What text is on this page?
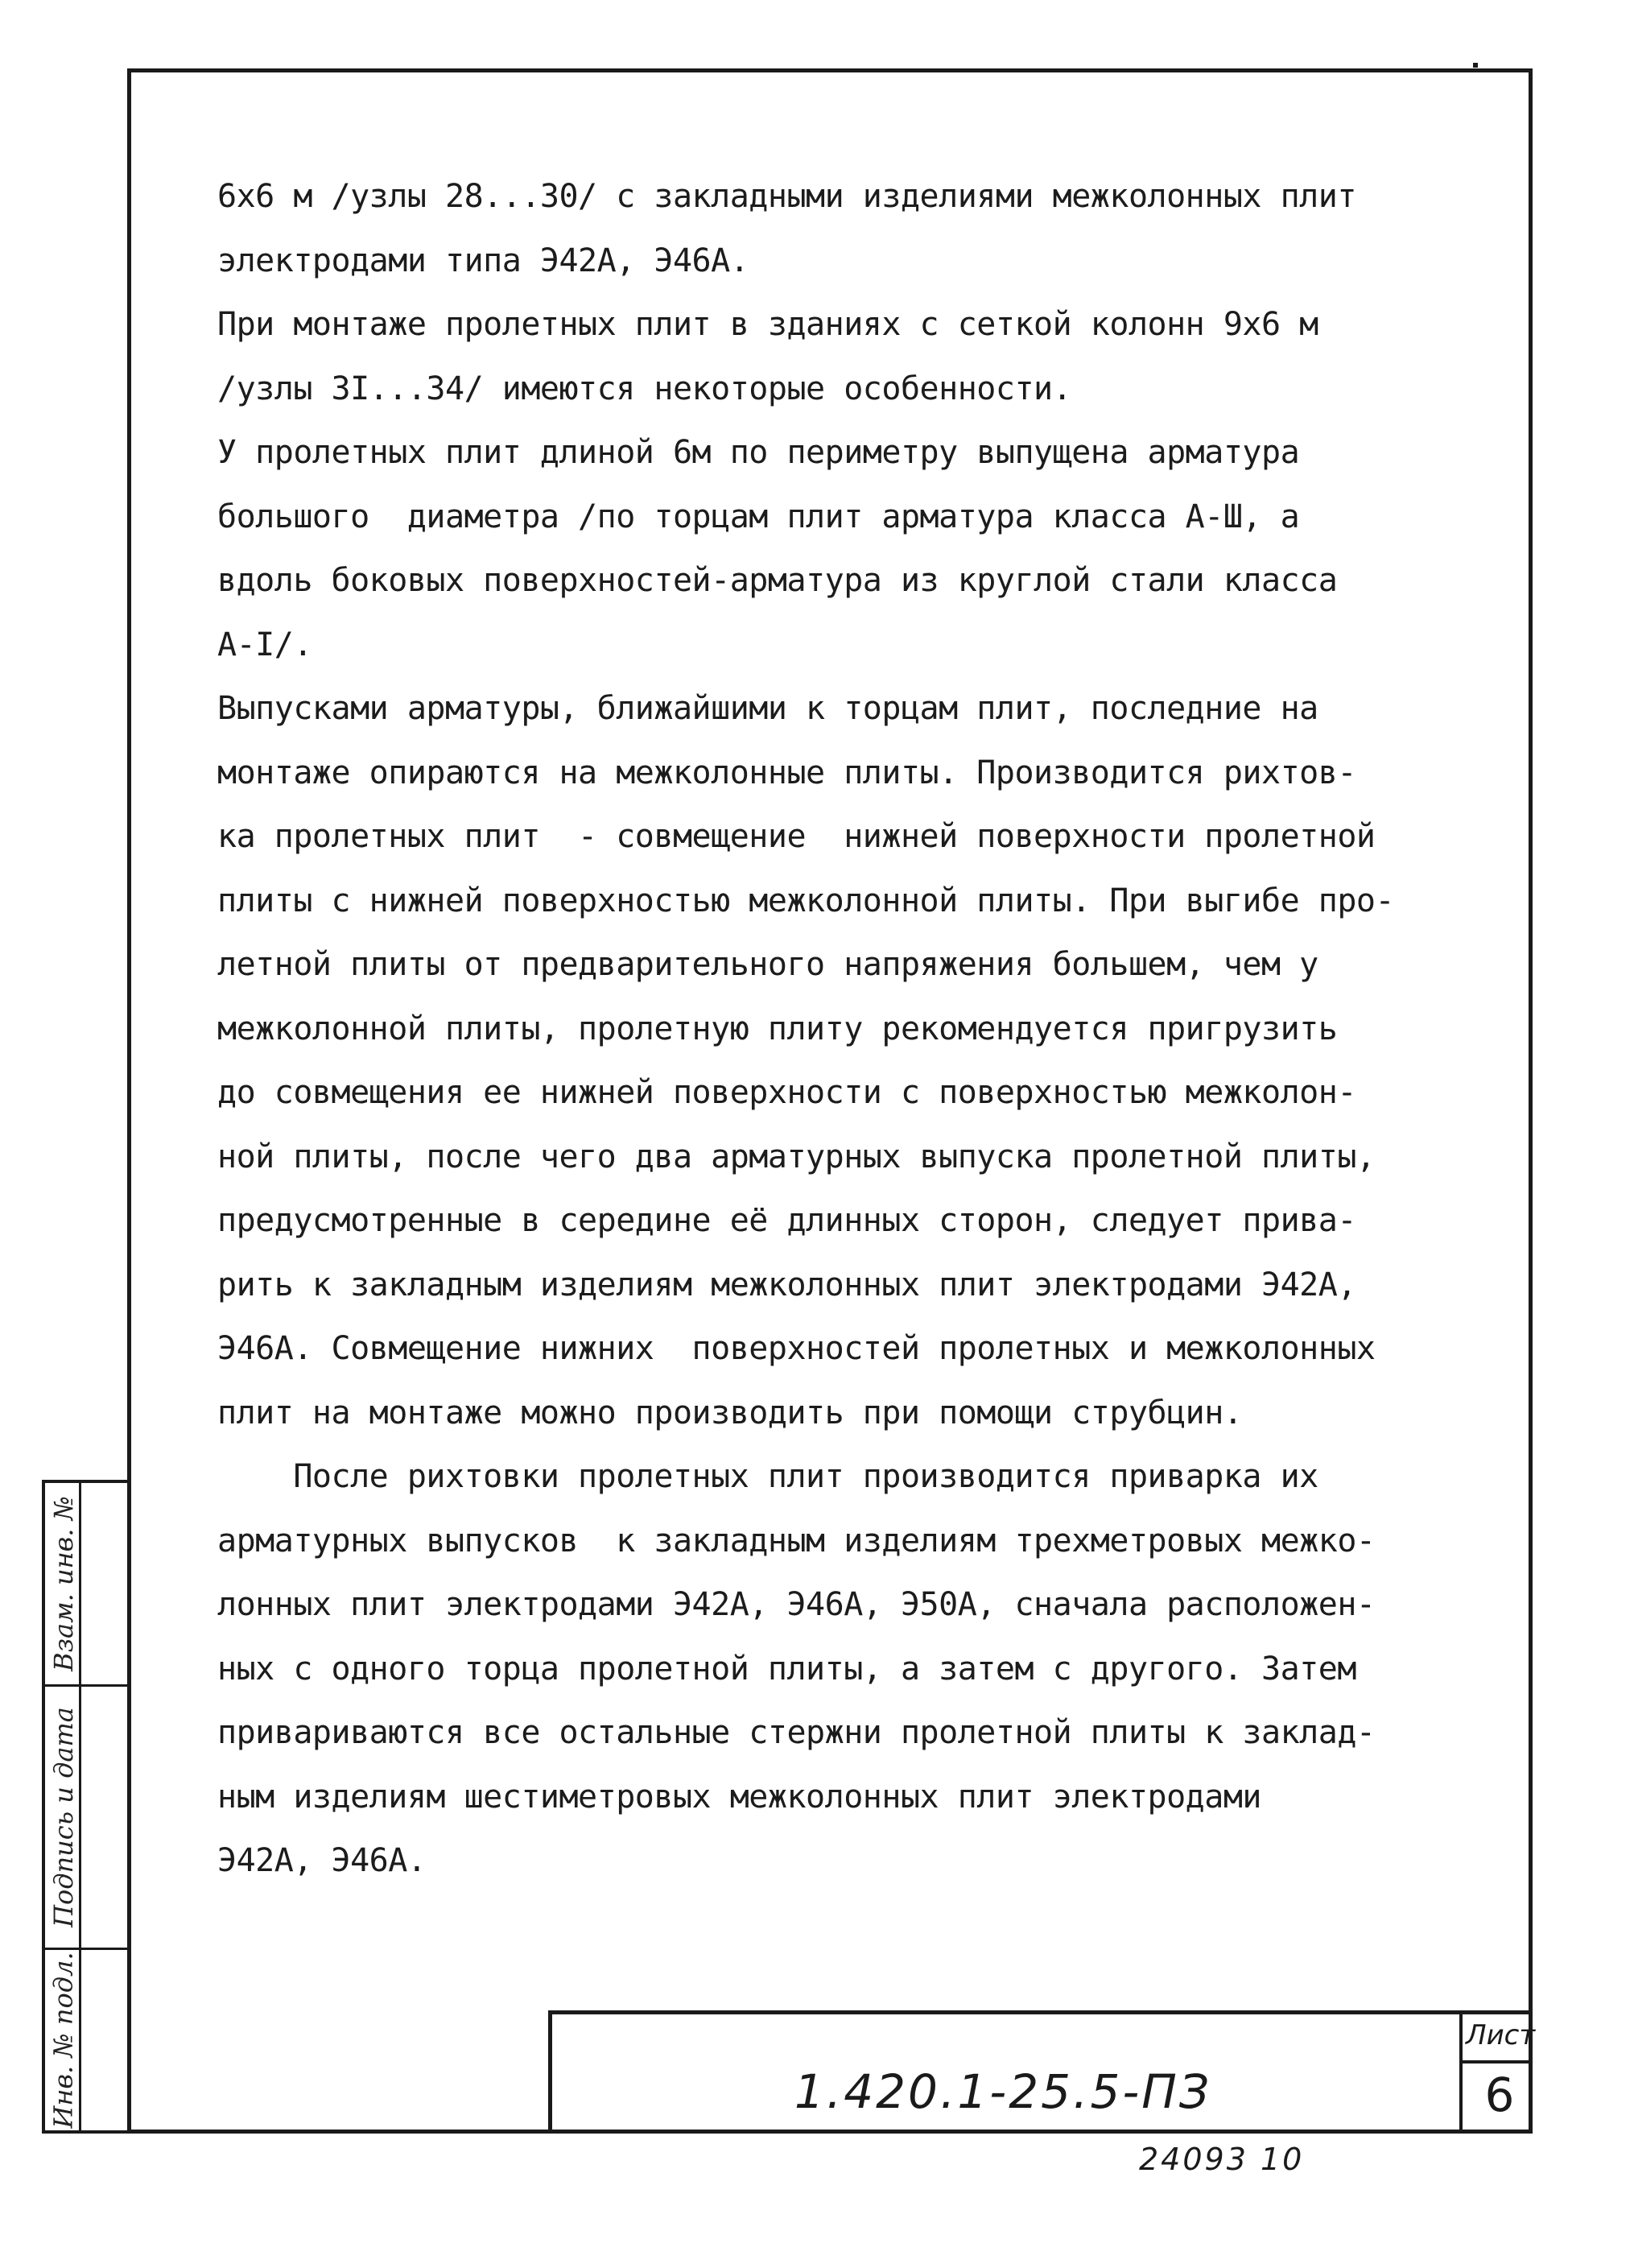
6х6 м /узлы 28...30/ с закладными изделиями межколонных плит
электродами типа Э42А, Э46А.
При монтаже пролетных плит в зданиях с сеткой колонн 9х6 м
/узлы 3I...34/ имеются некоторые особенности.
У пролетных плит длиной 6м по периметру выпущена арматура
большого  диаметра /по торцам плит арматура класса А-Ш, а
вдоль боковых поверхностей-арматура из круглой стали класса
А-I/.
Выпусками арматуры, ближайшими к торцам плит, последние на
монтаже опираются на межколонные плиты. Производится рихтов-
ка пролетных плит  - совмещение  нижней поверхности пролетной
плиты с нижней поверхностью межколонной плиты. При выгибе про-
летной плиты от предварительного напряжения большем, чем у
межколонной плиты, пролетную плиту рекомендуется пригрузить
до совмещения ее нижней поверхности с поверхностью межколон-
ной плиты, после чего два арматурных выпуска пролетной плиты,
предусмотренные в середине её длинных сторон, следует прива-
рить к закладным изделиям межколонных плит электродами Э42А,
Э46А. Совмещение нижних  поверхностей пролетных и межколонных
плит на монтаже можно производить при помощи струбцин.
После рихтовки пролетных плит производится приварка их
арматурных выпусков  к закладным изделиям трехметровых межко-
лонных плит электродами Э42А, Э46А, Э50А, сначала расположен-
ных с одного торца пролетной плиты, а затем с другого. Затем
привариваются все остальные стержни пролетной плиты к заклад-
ным изделиям шестиметровых межколонных плит электродами
Э42А, Э46А.
Взам. инв. №
Подпись и дата
Инв. № подл.	1.420.1-25.5-ПЗ
Лист
6
24093 10
